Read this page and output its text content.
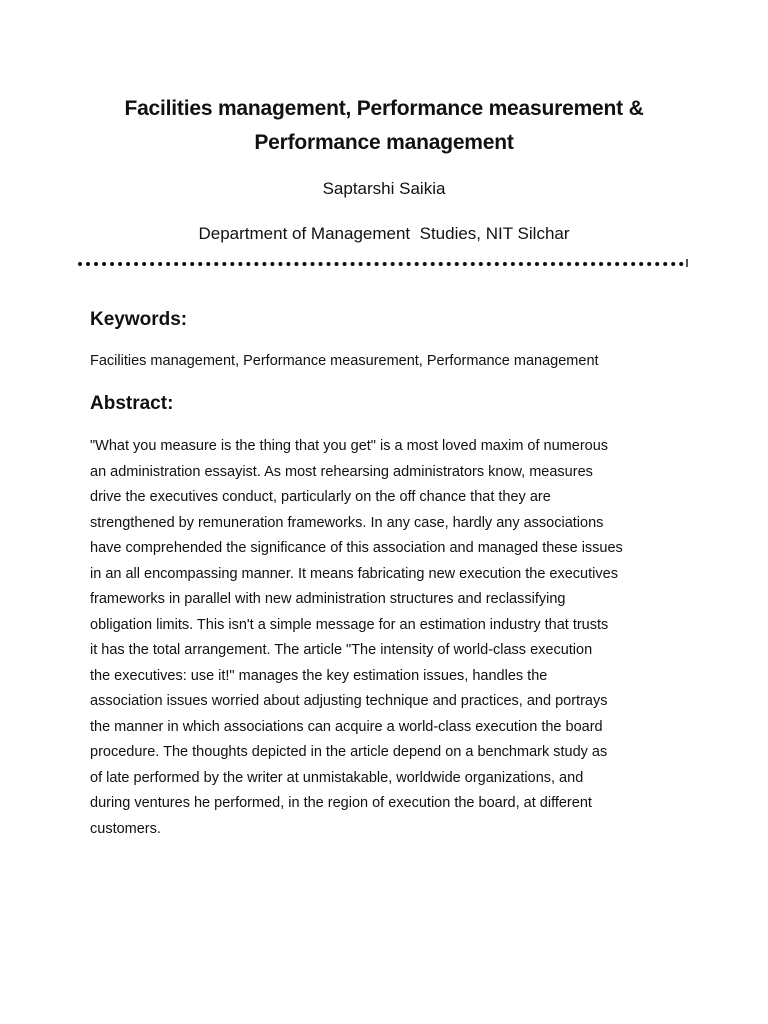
Facilities management, Performance measurement &
Performance management
Saptarshi Saikia
Department of Management  Studies, NIT Silchar
Keywords:
Facilities management, Performance measurement, Performance management
Abstract:
"What you measure is the thing that you get" is a most loved maxim of numerous
an administration essayist. As most rehearsing administrators know, measures
drive the executives conduct, particularly on the off chance that they are
strengthened by remuneration frameworks. In any case, hardly any associations
have comprehended the significance of this association and managed these issues
in an all encompassing manner. It means fabricating new execution the executives
frameworks in parallel with new administration structures and reclassifying
obligation limits. This isn't a simple message for an estimation industry that trusts
it has the total arrangement. The article "The intensity of world-class execution
the executives: use it!" manages the key estimation issues, handles the
association issues worried about adjusting technique and practices, and portrays
the manner in which associations can acquire a world-class execution the board
procedure. The thoughts depicted in the article depend on a benchmark study as
of late performed by the writer at unmistakable, worldwide organizations, and
during ventures he performed, in the region of execution the board, at different
customers.
